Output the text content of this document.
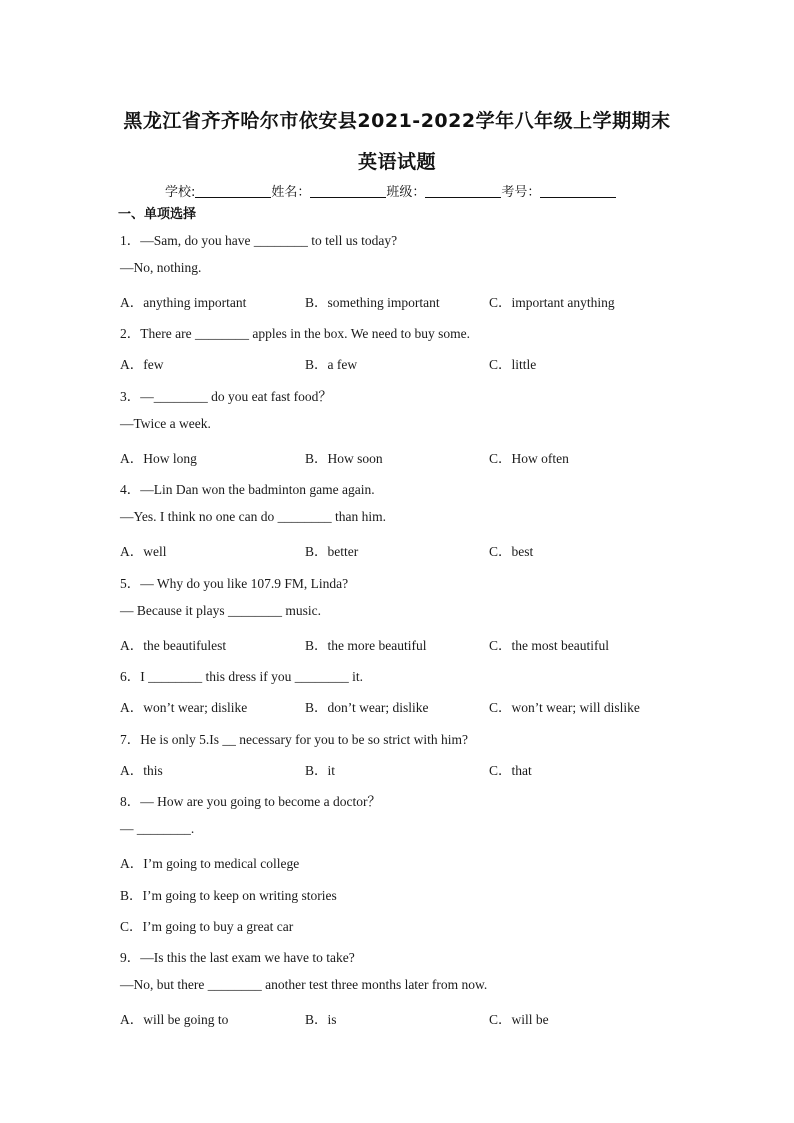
黑龙江省齐齐哈尔市依安县2021-2022学年八年级上学期期末
英语试题
学校:	姓名：	班级：	考号：
一、单项选择
1．—Sam, do you have ________ to tell us today?
—No, nothing.
A．anything important	B．something important	C．important anything
2．There are ________ apples in the box. We need to buy some.
A．few	B．a few	C．little
3．—________ do you eat fast food？
—Twice a week.
A．How long	B．How soon	C．How often
4．—Lin Dan won the badminton game again.
—Yes. I think no one can do ________ than him.
A．well	B．better	C．best
5．— Why do you like 107.9 FM, Linda?
— Because it plays ________ music.
A．the beautifulest	B．the more beautiful	C．the most beautiful
6．I ________ this dress if you ________ it.
A．won’t wear; dislike	B．don’t wear; dislike	C．won’t wear; will dislike
7．He is only 5.Is __ necessary for you to be so strict with him?
A．this	B．it	C．that
8．— How are you going to become a doctor？
— ________.
A．I’m going to medical college
B．I’m going to keep on writing stories
C．I’m going to buy a great car
9．—Is this the last exam we have to take?
—No, but there ________ another test three months later from now.
A．will be going to	B．is	C．will be
